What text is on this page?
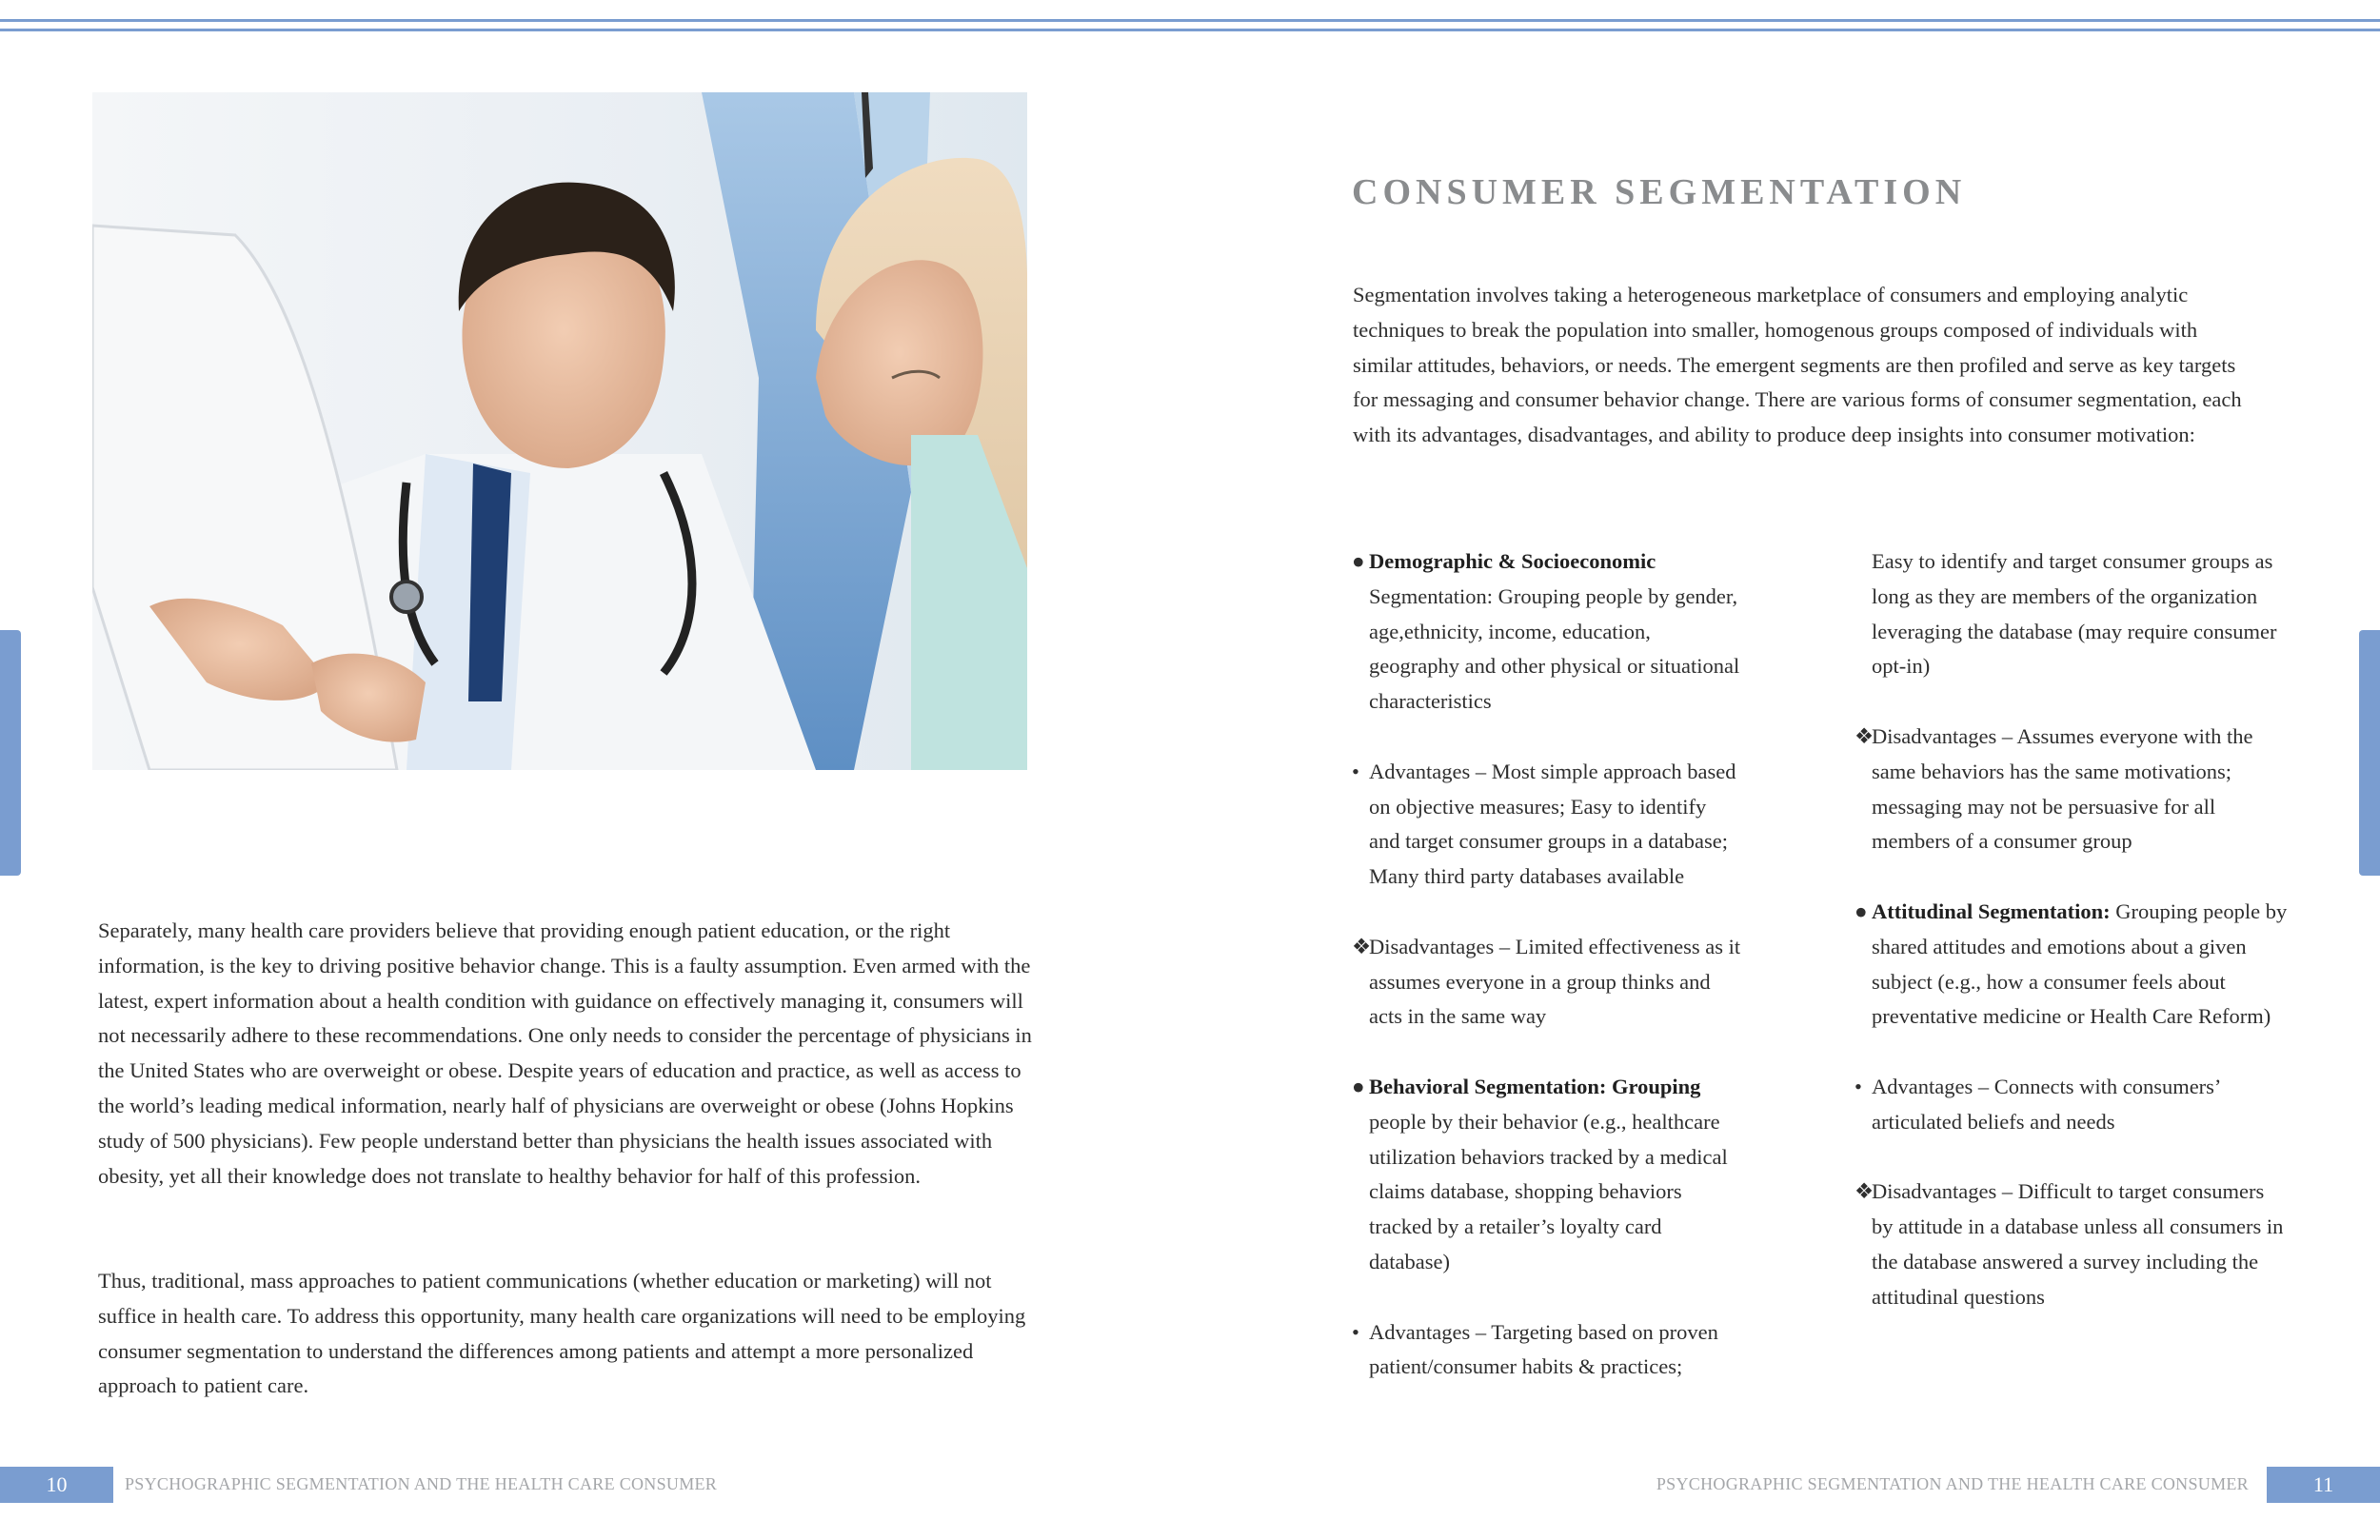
Separately, many health care providers believe that providing enough patient education, or the right information, is the key to driving positive behavior change. This is a faulty assumption. Even armed with the latest, expert information about a health condition with guidance on effectively managing it, consumers will not necessarily adhere to these recommendations. One only needs to consider the percentage of physicians in the United States who are overweight or obese. Despite years of education and practice, as well as access to the world’s leading medical information, nearly half of physicians are overweight or obese (Johns Hopkins study of 500 physicians). Few people understand better than physicians the health issues associated with obesity, yet all their knowledge does not translate to healthy behavior for half of this profession.

Thus, traditional, mass approaches to patient communications (whether education or marketing) will not suffice in health care. To address this opportunity, many health care organizations will need to be employing consumer segmentation to understand the differences among patients and attempt a more personalized approach to patient care.

CONSUMER SEGMENTATION

Segmentation involves taking a heterogeneous marketplace of consumers and employing analytic techniques to break the population into smaller, homogenous groups composed of individuals with similar attitudes, behaviors, or needs. The emergent segments are then profiled and serve as key targets for messaging and consumer behavior change. There are various forms of consumer segmentation, each with its advantages, disadvantages, and ability to produce deep insights into consumer motivation:

● Demographic & Socioeconomic Segmentation: Grouping people by gender, age,ethnicity, income, education, geography and other physical or situational characteristics
• Advantages – Most simple approach based on objective measures; Easy to identify and target consumer groups in a database; Many third party databases available
❖
Disadvantages – Limited effectiveness as it assumes everyone in a group thinks and acts in the same way
● Behavioral Segmentation: Grouping people by their behavior (e.g., healthcare utilization behaviors tracked by a medical claims database, shopping behaviors tracked by a retailer’s loyalty card database)
• Advantages – Targeting based on proven patient/consumer habits & practices;
Easy to identify and target consumer groups as long as they are members of the organization leveraging the database (may require consumer opt-in)
❖
Disadvantages – Assumes everyone with the same behaviors has the same motivations; messaging may not be persuasive for all members of a consumer group
● Attitudinal Segmentation: Grouping people by shared attitudes and emotions about a given subject (e.g., how a consumer feels about preventative medicine or Health Care Reform)
• Advantages – Connects with consumers’ articulated beliefs and needs
❖
Disadvantages – Difficult to target consumers by attitude in a database unless all consumers in the database answered a survey including the attitudinal questions
10	PSYCHOGRAPHIC SEGMENTATION AND THE HEALTH CARE CONSUMER	PSYCHOGRAPHIC SEGMENTATION AND THE HEALTH CARE CONSUMER	11
